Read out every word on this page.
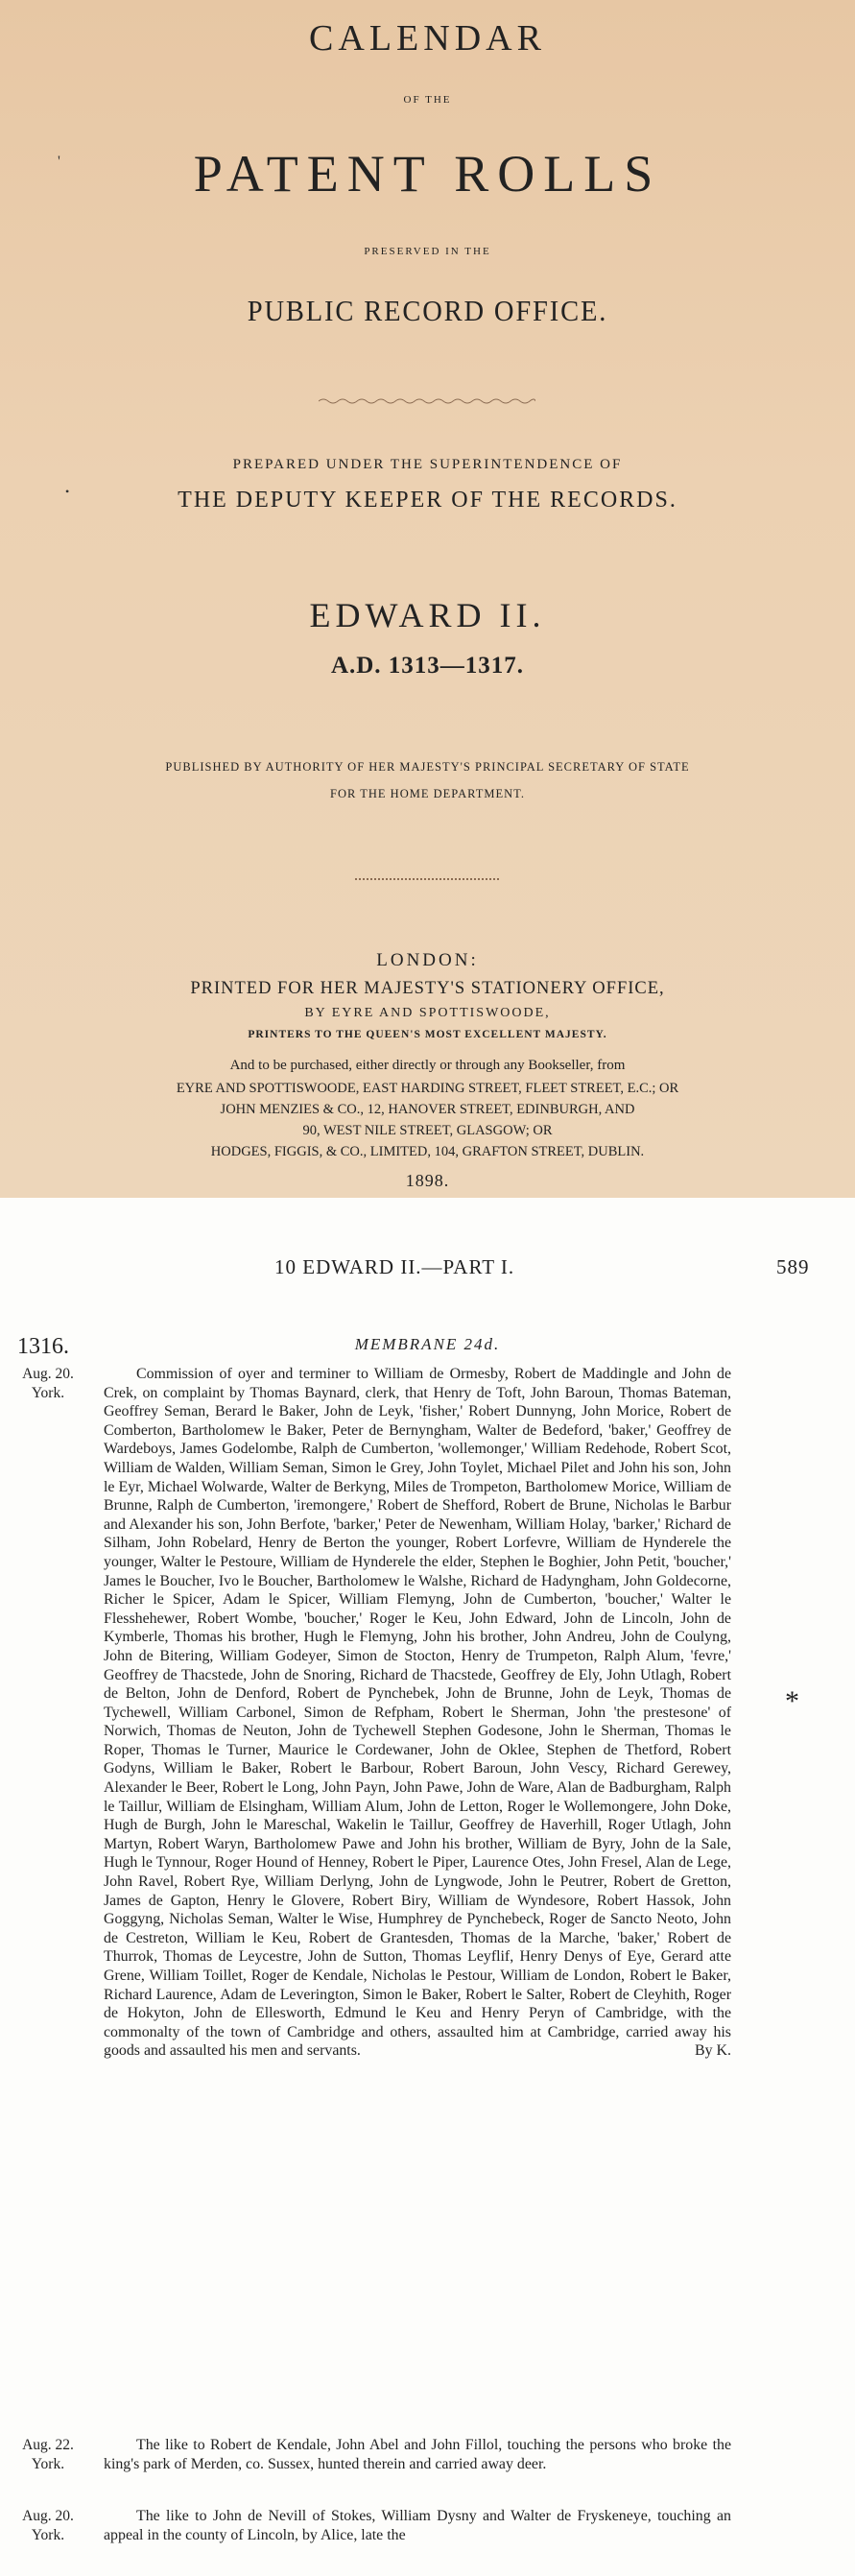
CALENDAR
OF THE
'	PATENT ROLLS
PRESERVED IN THE
PUBLIC RECORD OFFICE.
PREPARED UNDER THE SUPERINTENDENCE OF
•	THE DEPUTY KEEPER OF THE RECORDS.
EDWARD II.
A.D. 1313—1317.
PUBLISHED BY AUTHORITY OF HER MAJESTY'S PRINCIPAL SECRETARY OF STATE
FOR THE HOME DEPARTMENT.
LONDON:
PRINTED FOR HER MAJESTY'S STATIONERY OFFICE,
BY EYRE AND SPOTTISWOODE,
PRINTERS TO THE QUEEN'S MOST EXCELLENT MAJESTY.
And to be purchased, either directly or through any Bookseller, from
EYRE AND SPOTTISWOODE, EAST HARDING STREET, FLEET STREET, E.C.; OR
JOHN MENZIES & CO., 12, HANOVER STREET, EDINBURGH, AND
90, WEST NILE STREET, GLASGOW; OR
HODGES, FIGGIS, & CO., LIMITED, 104, GRAFTON STREET, DUBLIN.
1898.
10 EDWARD II.—PART I.	589
1316.	MEMBRANE 24d.
*
Aug. 20.
York.
Commission of oyer and terminer to William de Ormesby, Robert de Maddingle and John de Crek, on complaint by Thomas Baynard, clerk, that Henry de Toft, John Baroun, Thomas Bateman, Geoffrey Seman, Berard le Baker, John de Leyk, 'fisher,' Robert Dunnyng, John Morice, Robert de Comberton, Bartholomew le Baker, Peter de Bernyngham, Walter de Bedeford, 'baker,' Geoffrey de Wardeboys, James Godelombe, Ralph de Cumberton, 'wollemonger,' William Redehode, Robert Scot, William de Walden, William Seman, Simon le Grey, John Toylet, Michael Pilet and John his son, John le Eyr, Michael Wolwarde, Walter de Berkyng, Miles de Trompeton, Bartholomew Morice, William de Brunne, Ralph de Cumberton, 'iremongere,' Robert de Shefford, Robert de Brune, Nicholas le Barbur and Alexander his son, John Berfote, 'barker,' Peter de Newenham, William Holay, 'barker,' Richard de Silham, John Robelard, Henry de Berton the younger, Robert Lorfevre, William de Hynderele the younger, Walter le Pestoure, William de Hynderele the elder, Stephen le Boghier, John Petit, 'boucher,' James le Boucher, Ivo le Boucher, Bartholomew le Walshe, Richard de Hadyngham, John Goldecorne, Richer le Spicer, Adam le Spicer, William Flemyng, John de Cumberton, 'boucher,' Walter le Flesshehewer, Robert Wombe, 'boucher,' Roger le Keu, John Edward, John de Lincoln, John de Kymberle, Thomas his brother, Hugh le Flemyng, John his brother, John Andreu, John de Coulyng, John de Bitering, William Godeyer, Simon de Stocton, Henry de Trumpeton, Ralph Alum, 'fevre,' Geoffrey de Thacstede, John de Snoring, Richard de Thacstede, Geoffrey de Ely, John Utlagh, Robert de Belton, John de Denford, Robert de Pynchebek, John de Brunne, John de Leyk, Thomas de Tychewell, William Carbonel, Simon de Refpham, Robert le Sherman, John 'the prestesone' of Norwich, Thomas de Neuton, John de Tychewell Stephen Godesone, John le Sherman, Thomas le Roper, Thomas le Turner, Maurice le Cordewaner, John de Oklee, Stephen de Thetford, Robert Godyns, William le Baker, Robert le Barbour, Robert Baroun, John Vescy, Richard Gerewey, Alexander le Beer, Robert le Long, John Payn, John Pawe, John de Ware, Alan de Badburgham, Ralph le Taillur, William de Elsingham, William Alum, John de Letton, Roger le Wollemongere, John Doke, Hugh de Burgh, John le Mareschal, Wakelin le Taillur, Geoffrey de Haverhill, Roger Utlagh, John Martyn, Robert Waryn, Bartholomew Pawe and John his brother, William de Byry, John de la Sale, Hugh le Tynnour, Roger Hound of Henney, Robert le Piper, Laurence Otes, John Fresel, Alan de Lege, John Ravel, Robert Rye, William Derlyng, John de Lyngwode, John le Peutrer, Robert de Gretton, James de Gapton, Henry le Glovere, Robert Biry, William de Wyndesore, Robert Hassok, John Goggyng, Nicholas Seman, Walter le Wise, Humphrey de Pynchebeck, Roger de Sancto Neoto, John de Cestreton, William le Keu, Robert de Grantesden, Thomas de la Marche, 'baker,' Robert de Thurrok, Thomas de Leycestre, John de Sutton, Thomas Leyflif, Henry Denys of Eye, Gerard atte Grene, William Toillet, Roger de Kendale, Nicholas le Pestour, William de London, Robert le Baker, Richard Laurence, Adam de Leverington, Simon le Baker, Robert le Salter, Robert de Cleyhith, Roger de Hokyton, John de Ellesworth, Edmund le Keu and Henry Peryn of Cambridge, with the commonalty of the town of Cambridge and others, assaulted him at Cambridge, carried away his goods and assaulted his men and servants.	By K.
Aug. 22.
York.
The like to Robert de Kendale, John Abel and John Fillol, touching the persons who broke the king's park of Merden, co. Sussex, hunted therein and carried away deer.
Aug. 20.
York.
The like to John de Nevill of Stokes, William Dysny and Walter de Fryskeneye, touching an appeal in the county of Lincoln, by Alice, late the
